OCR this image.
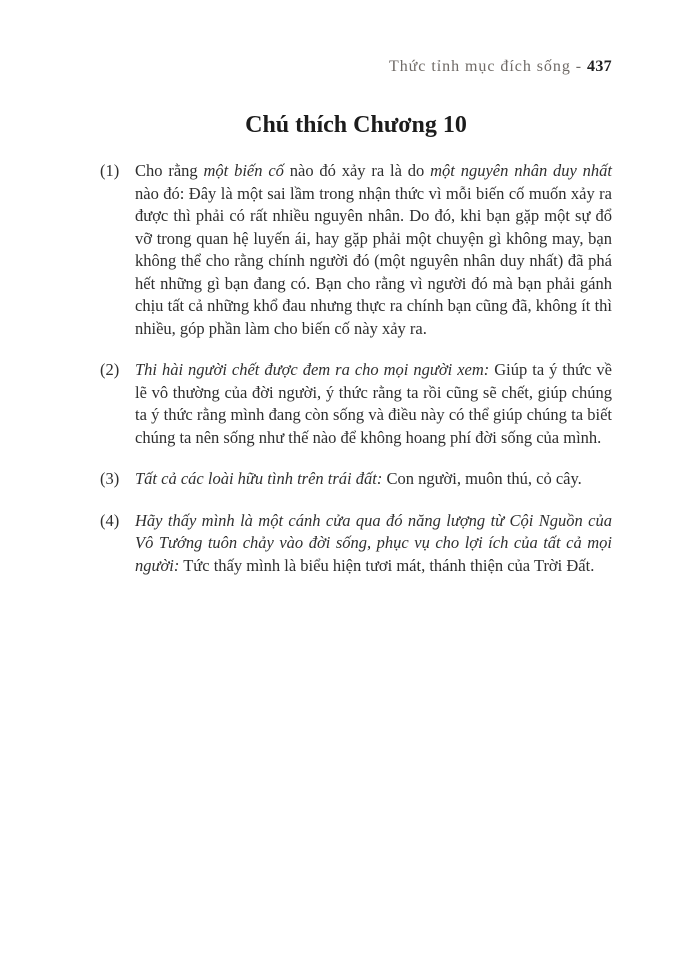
Thức tỉnh mục đích sống - 437
Chú thích Chương 10
(1) Cho rằng một biến cố nào đó xảy ra là do một nguyên nhân duy nhất nào đó: Đây là một sai lầm trong nhận thức vì mỗi biến cố muốn xảy ra được thì phải có rất nhiều nguyên nhân. Do đó, khi bạn gặp một sự đổ vỡ trong quan hệ luyến ái, hay gặp phải một chuyện gì không may, bạn không thể cho rằng chính người đó (một nguyên nhân duy nhất) đã phá hết những gì bạn đang có. Bạn cho rằng vì người đó mà bạn phải gánh chịu tất cả những khổ đau nhưng thực ra chính bạn cũng đã, không ít thì nhiều, góp phần làm cho biến cố này xảy ra.

(2) Thi hài người chết được đem ra cho mọi người xem: Giúp ta ý thức về lẽ vô thường của đời người, ý thức rằng ta rồi cũng sẽ chết, giúp chúng ta ý thức rằng mình đang còn sống và điều này có thể giúp chúng ta biết chúng ta nên sống như thế nào để không hoang phí đời sống của mình.

(3) Tất cả các loài hữu tình trên trái đất: Con người, muôn thú, cỏ cây.

(4) Hãy thấy mình là một cánh cửa qua đó năng lượng từ Cội Nguồn của Vô Tướng tuôn chảy vào đời sống, phục vụ cho lợi ích của tất cả mọi người: Tức thấy mình là biểu hiện tươi mát, thánh thiện của Trời Đất.
